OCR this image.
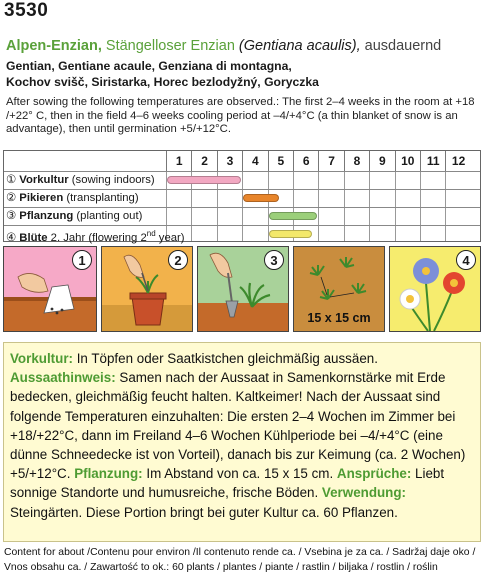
3530
Alpen-Enzian, Stängelloser Enzian (Gentiana acaulis), ausdauernd
Gentian, Gentiane acaule, Genziana di montagna,
Kochov svišč, Siristarka, Horec bezlodyžný, Goryczka
After sowing the following temperatures are observed.: The first 2–4 weeks in the room at +18 /+22° C, then in the field 4–6 weeks cooling period at –4/+4°C (a thin blanket of snow is an advantage), then until germination +5/+12°C.
1	2	3	4	5	6	7	8	9	10	11	12
① Vorkultur (sowing indoors)
② Pikieren (transplanting)
③ Pflanzung (planting out)
④ Blüte 2. Jahr (flowering 2nd year)
1	2	3
15 x 15 cm
4
Vorkultur: In Töpfen oder Saatkistchen gleichmäßig aussäen.
Aussaathinweis: Samen nach der Aussaat in Samenkornstärke mit Erde bedecken, gleichmäßig feucht halten. Kaltkeimer! Nach der Aussaat sind folgende Temperaturen einzuhalten: Die ersten 2–4 Wochen im Zimmer bei +18/+22°C, dann im Freiland 4–6 Wochen Kühlperiode bei –4/+4°C (eine dünne Schneedecke ist von Vorteil), danach bis zur Keimung (ca. 2 Wochen) +5/+12°C. Pflanzung: Im Abstand von ca. 15 x 15 cm. Ansprüche: Liebt sonnige Standorte und humusreiche, frische Böden. Verwendung: Steingärten. Diese Portion bringt bei guter Kultur ca. 60 Pflanzen.
Content for about /Contenu pour environ /Il contenuto rende ca. / Vsebina je za ca. / Sadržaj daje oko /
Vnos obsahu ca. / Zawartość to ok.: 60 plants / plantes / piante / rastlin / biljaka / rostlin / roślin
